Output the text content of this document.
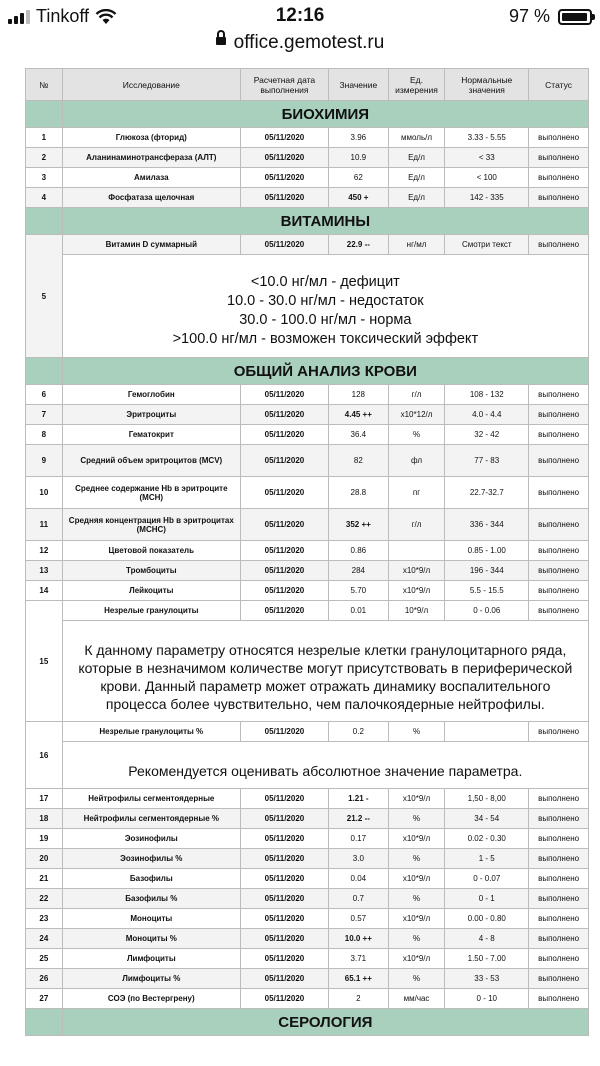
Tinkoff	12:16	97 %
office.gemotest.ru
№	Исследование	Расчетная дата выполнения	Значение	Ед. измерения	Нормальные значения	Статус
	БИОХИМИЯ					
1	Глюкоза (фторид)	05/11/2020	3.96	ммоль/л	3.33 - 5.55	выполнено
2	Аланинаминотрансфераза (АЛТ)	05/11/2020	10.9	Ед/л	< 33	выполнено
3	Амилаза	05/11/2020	62	Ед/л	< 100	выполнено
4	Фосфатаза щелочная	05/11/2020	450 +	Ед/л	142 - 335	выполнено
	ВИТАМИНЫ					
5	Витамин D суммарный	05/11/2020	22.9 --	нг/мл	Смотри текст	выполнено

	<10.0 нг/мл - дефицит
10.0 - 30.0 нг/мл - недостаток
30.0 - 100.0 нг/мл - норма
>100.0 нг/мл - возможен токсический эффект					

	ОБЩИЙ АНАЛИЗ КРОВИ					
6	Гемоглобин	05/11/2020	128	г/л	108 - 132	выполнено
7	Эритроциты	05/11/2020	4.45 ++	x10*12/л	4.0 - 4.4	выполнено
8	Гематокрит	05/11/2020	36.4	%	32 - 42	выполнено
9	Средний объем эритроцитов (MCV)	05/11/2020	82	фл	77 - 83	выполнено
10	Среднее содержание Hb в эритроците (MCH)	05/11/2020	28.8	пг	22.7-32.7	выполнено
11	Средняя концентрация Hb в эритроцитах (MCHC)	05/11/2020	352 ++	г/л	336 - 344	выполнено
12	Цветовой показатель	05/11/2020	0.86		0.85 - 1.00	выполнено
13	Тромбоциты	05/11/2020	284	x10*9/л	196 - 344	выполнено
14	Лейкоциты	05/11/2020	5.70	x10*9/л	5.5 - 15.5	выполнено
15	Незрелые гранулоциты	05/11/2020	0.01	10*9/л	0 - 0.06	выполнено
	К данному параметру относятся незрелые клетки гранулоцитарного ряда, которые в незначимом количестве могут присутствовать в периферической крови. Данный параметр может отражать динамику воспалительного процесса более чувствительно, чем палочкоядерные нейтрофилы.					
16	Незрелые гранулоциты %	05/11/2020	0.2	%		выполнено
	Рекомендуется оценивать абсолютное значение параметра.					
17	Нейтрофилы сегментоядерные	05/11/2020	1.21 -	x10*9/л	1,50 - 8,00	выполнено
18	Нейтрофилы сегментоядерные %	05/11/2020	21.2 --	%	34 - 54	выполнено
19	Эозинофилы	05/11/2020	0.17	x10*9/л	0.02 - 0.30	выполнено
20	Эозинофилы %	05/11/2020	3.0	%	1 - 5	выполнено
21	Базофилы	05/11/2020	0.04	x10*9/л	0 - 0.07	выполнено
22	Базофилы %	05/11/2020	0.7	%	0 - 1	выполнено
23	Моноциты	05/11/2020	0.57	x10*9/л	0.00 - 0.80	выполнено
24	Моноциты %	05/11/2020	10.0 ++	%	4 - 8	выполнено
25	Лимфоциты	05/11/2020	3.71	x10*9/л	1.50 - 7.00	выполнено
26	Лимфоциты %	05/11/2020	65.1 ++	%	33 - 53	выполнено
27	СОЭ (по Вестергрену)	05/11/2020	2	мм/час	0 - 10	выполнено
	СЕРОЛОГИЯ					
